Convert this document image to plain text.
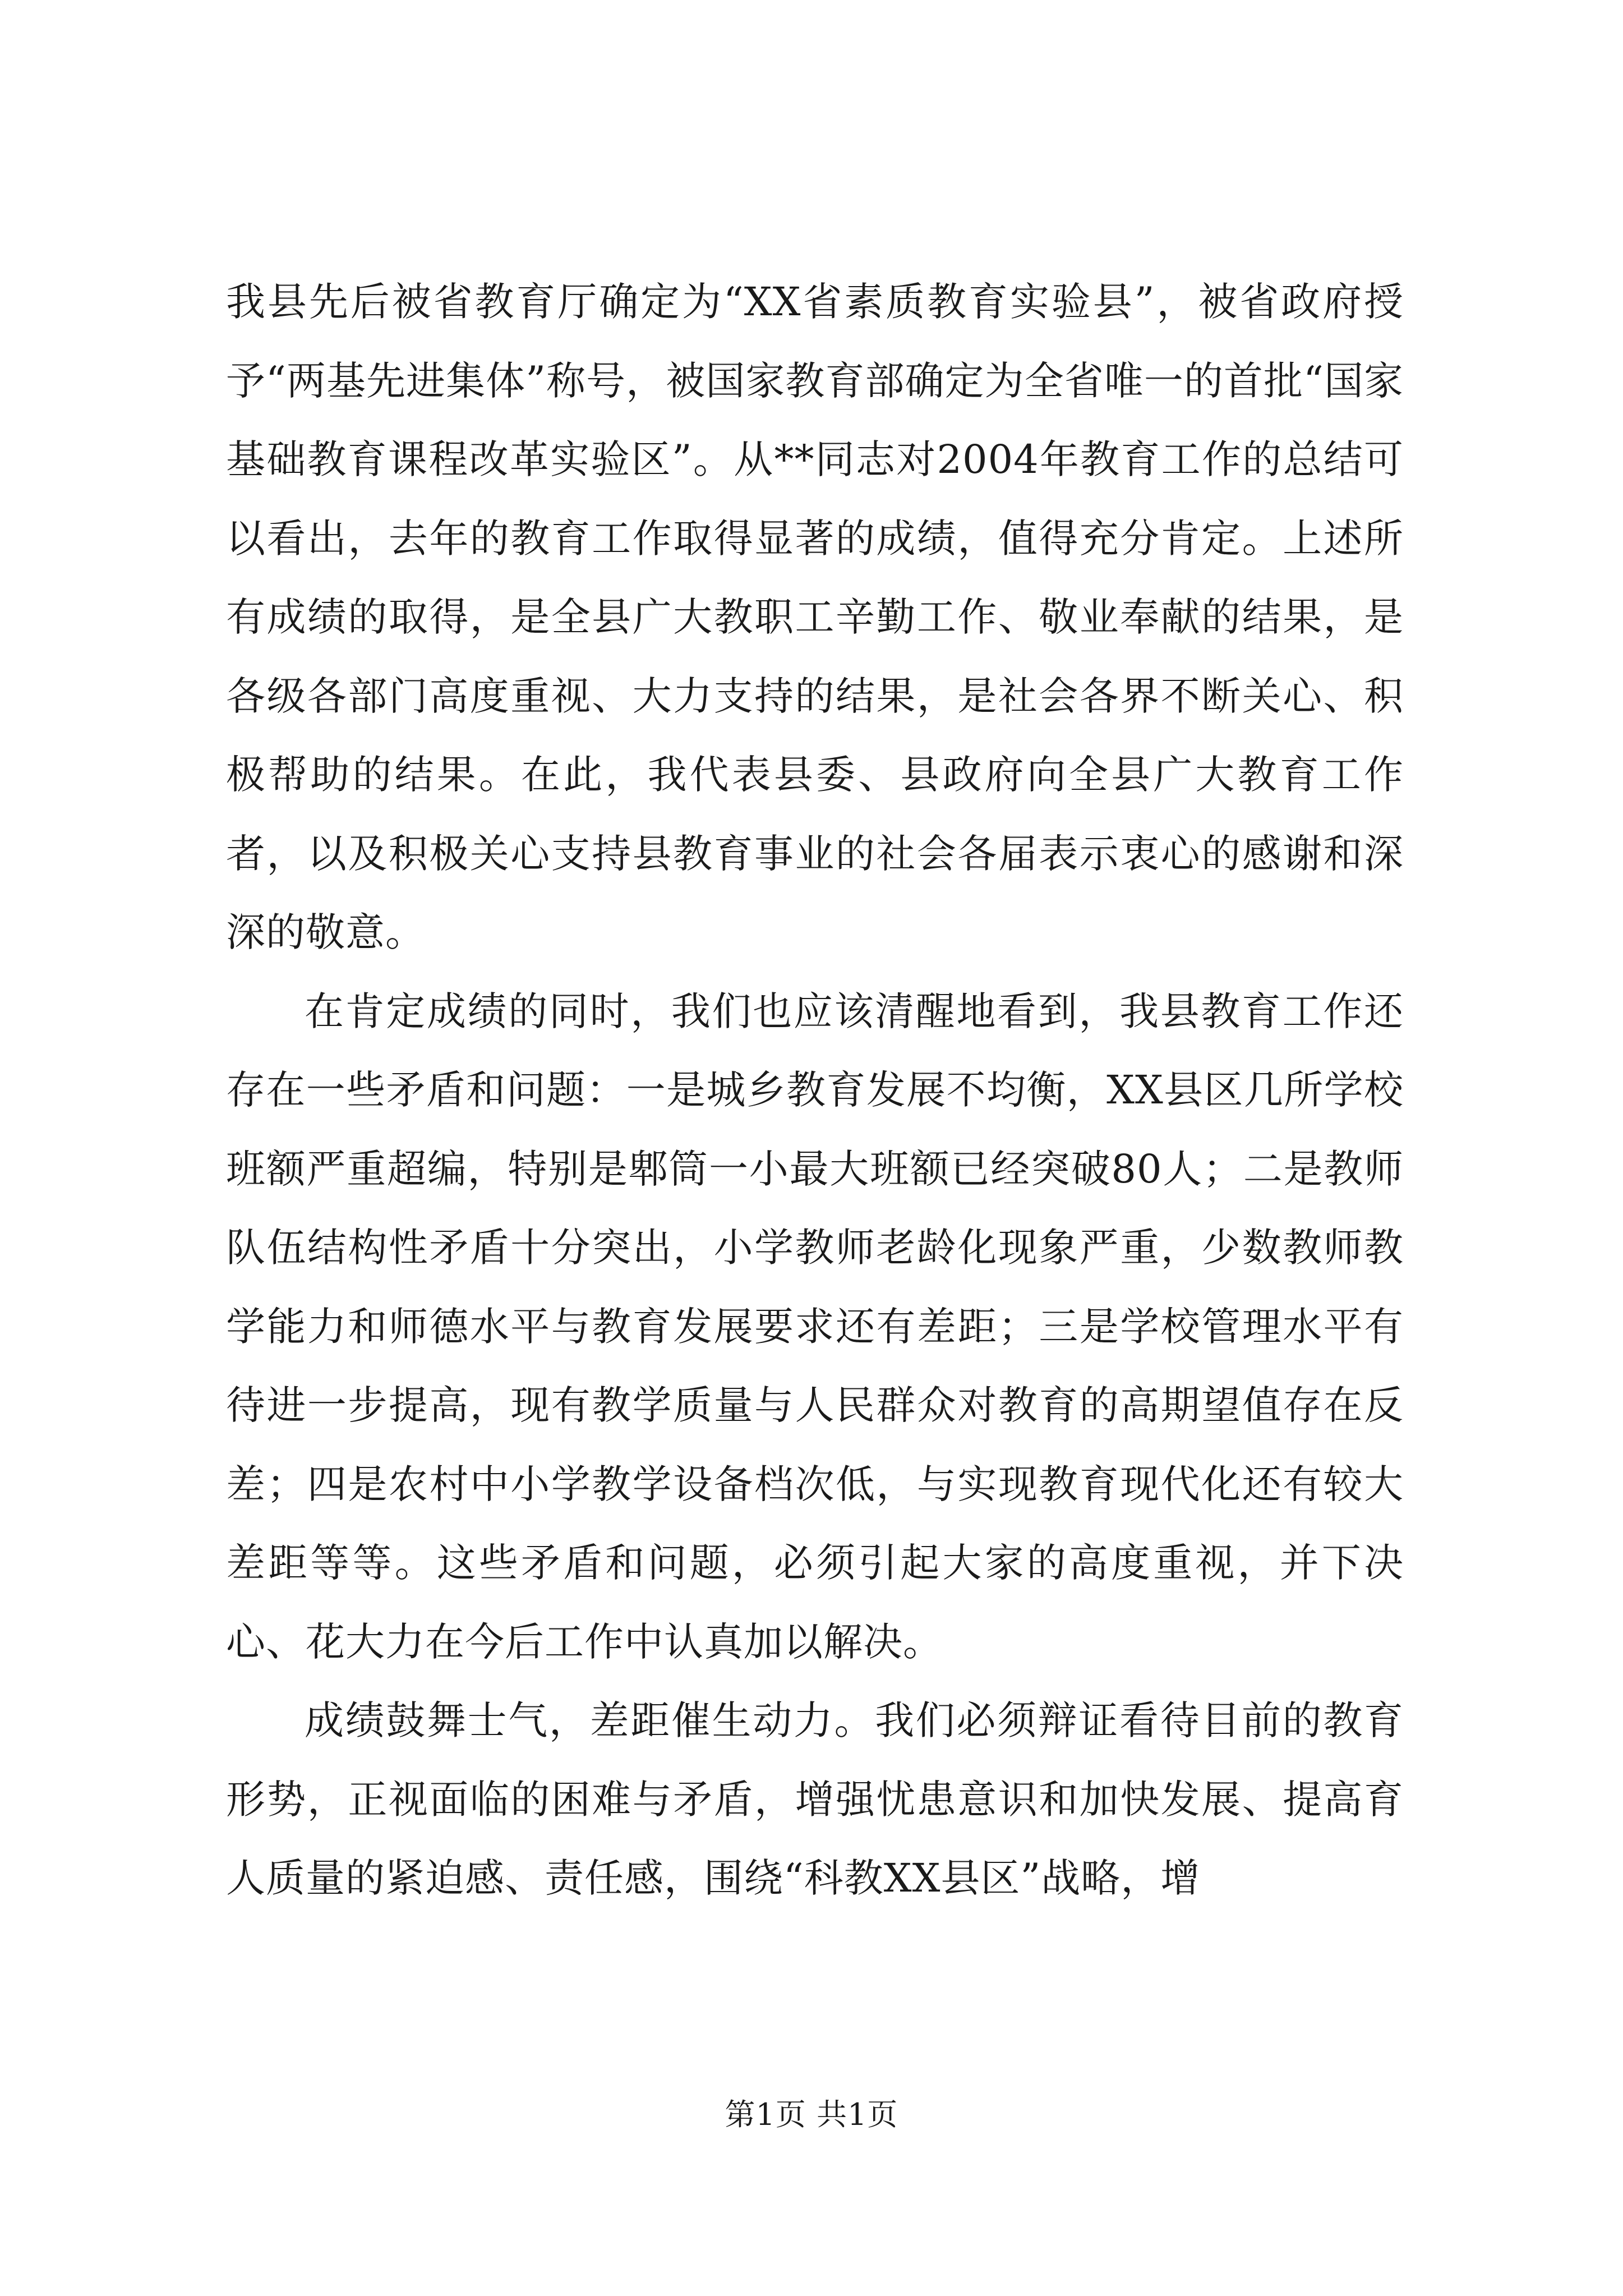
我县先后被省教育厅确定为“XX省素质教育实验县”，被省政府授予“两基先进集体”称号，被国家教育部确定为全省唯一的首批“国家基础教育课程改革实验区”。从**同志对2004年教育工作的总结可以看出，去年的教育工作取得显著的成绩，值得充分肯定。上述所有成绩的取得，是全县广大教职工辛勤工作、敬业奉献的结果，是各级各部门高度重视、大力支持的结果，是社会各界不断关心、积极帮助的结果。在此，我代表县委、县政府向全县广大教育工作者，以及积极关心支持县教育事业的社会各届表示衷心的感谢和深深的敬意。

在肯定成绩的同时，我们也应该清醒地看到，我县教育工作还存在一些矛盾和问题：一是城乡教育发展不均衡，XX县区几所学校班额严重超编，特别是郫筒一小最大班额已经突破80人；二是教师队伍结构性矛盾十分突出，小学教师老龄化现象严重，少数教师教学能力和师德水平与教育发展要求还有差距；三是学校管理水平有待进一步提高，现有教学质量与人民群众对教育的高期望值存在反差；四是农村中小学教学设备档次低，与实现教育现代化还有较大差距等等。这些矛盾和问题，必须引起大家的高度重视，并下决心、花大力在今后工作中认真加以解决。

成绩鼓舞士气，差距催生动力。我们必须辩证看待目前的教育形势，正视面临的困难与矛盾，增强忧患意识和加快发展、提高育人质量的紧迫感、责任感，围绕“科教XX县区”战略，增

第1页 共1页
